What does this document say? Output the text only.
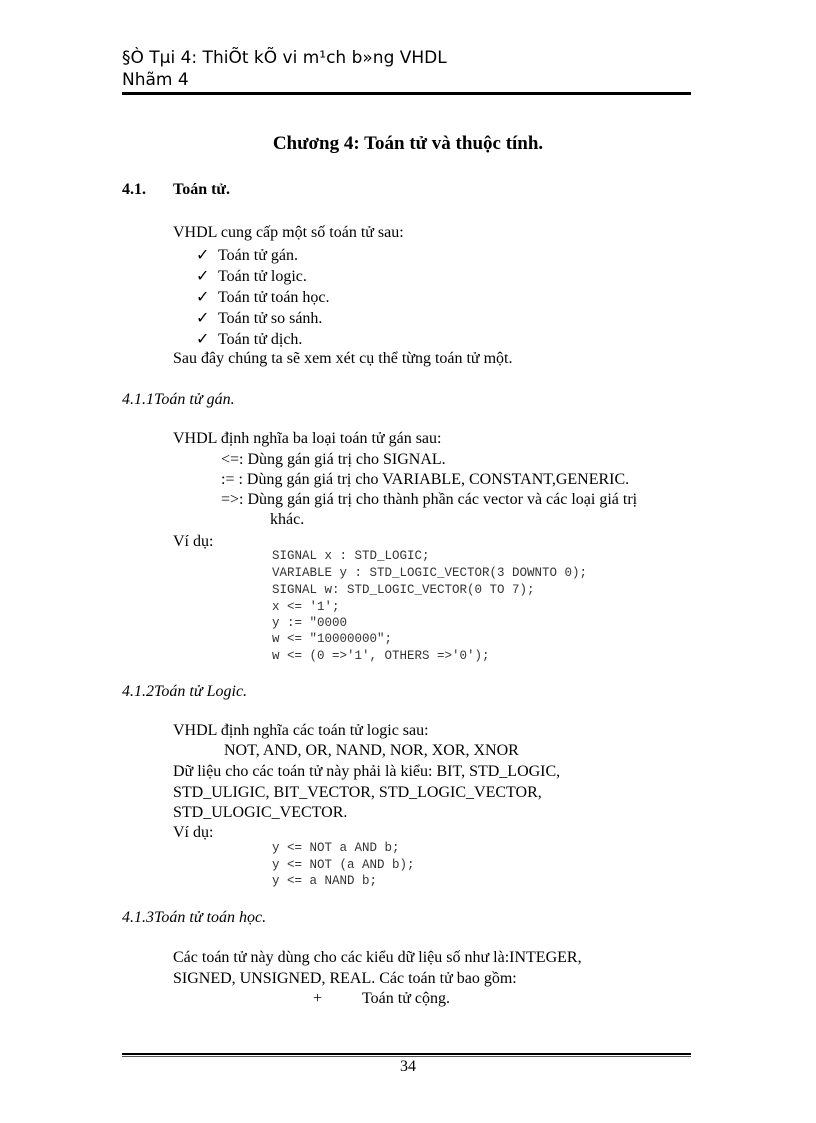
§Ò Tµi 4: ThiÕt kÕ vi m¹ch b»ng VHDL
Nhãm 4
Chương 4: Toán tử và thuộc tính.
4.1. Toán tử.
VHDL cung cấp một số toán tử sau:
✓ Toán tử gán.
✓ Toán tử logic.
✓ Toán tử toán học.
✓ Toán tử so sánh.
✓ Toán tử dịch.
Sau đây chúng ta sẽ xem xét cụ thể từng toán tử một.
4.1.1Toán tử gán.
VHDL định nghĩa ba loại toán tử gán sau:
<=: Dùng gán giá trị cho SIGNAL.
:= : Dùng gán giá trị cho VARIABLE, CONSTANT,GENERIC.
=>: Dùng gán giá trị cho thành phần các vector và các loại giá trị
khác.
Ví dụ:
SIGNAL x : STD_LOGIC;
VARIABLE y : STD_LOGIC_VECTOR(3 DOWNTO 0);
SIGNAL w: STD_LOGIC_VECTOR(0 TO 7);
x <= '1';
y := "0000
w <= "10000000";
w <= (0 =>'1', OTHERS =>'0');
4.1.2Toán tử Logic.
VHDL định nghĩa các toán tử logic sau:
NOT, AND, OR, NAND, NOR, XOR, XNOR
Dữ liệu cho các toán tử này phải là kiểu: BIT, STD_LOGIC,
STD_ULIGIC, BIT_VECTOR, STD_LOGIC_VECTOR,
STD_ULOGIC_VECTOR.
Ví dụ:
y <= NOT a AND b;
y <= NOT (a AND b);
y <= a NAND b;
4.1.3Toán tử toán học.
Các toán tử này dùng cho các kiểu dữ liệu số như là:INTEGER,
SIGNED, UNSIGNED, REAL. Các toán tử bao gồm:
+ Toán tử cộng.
34
